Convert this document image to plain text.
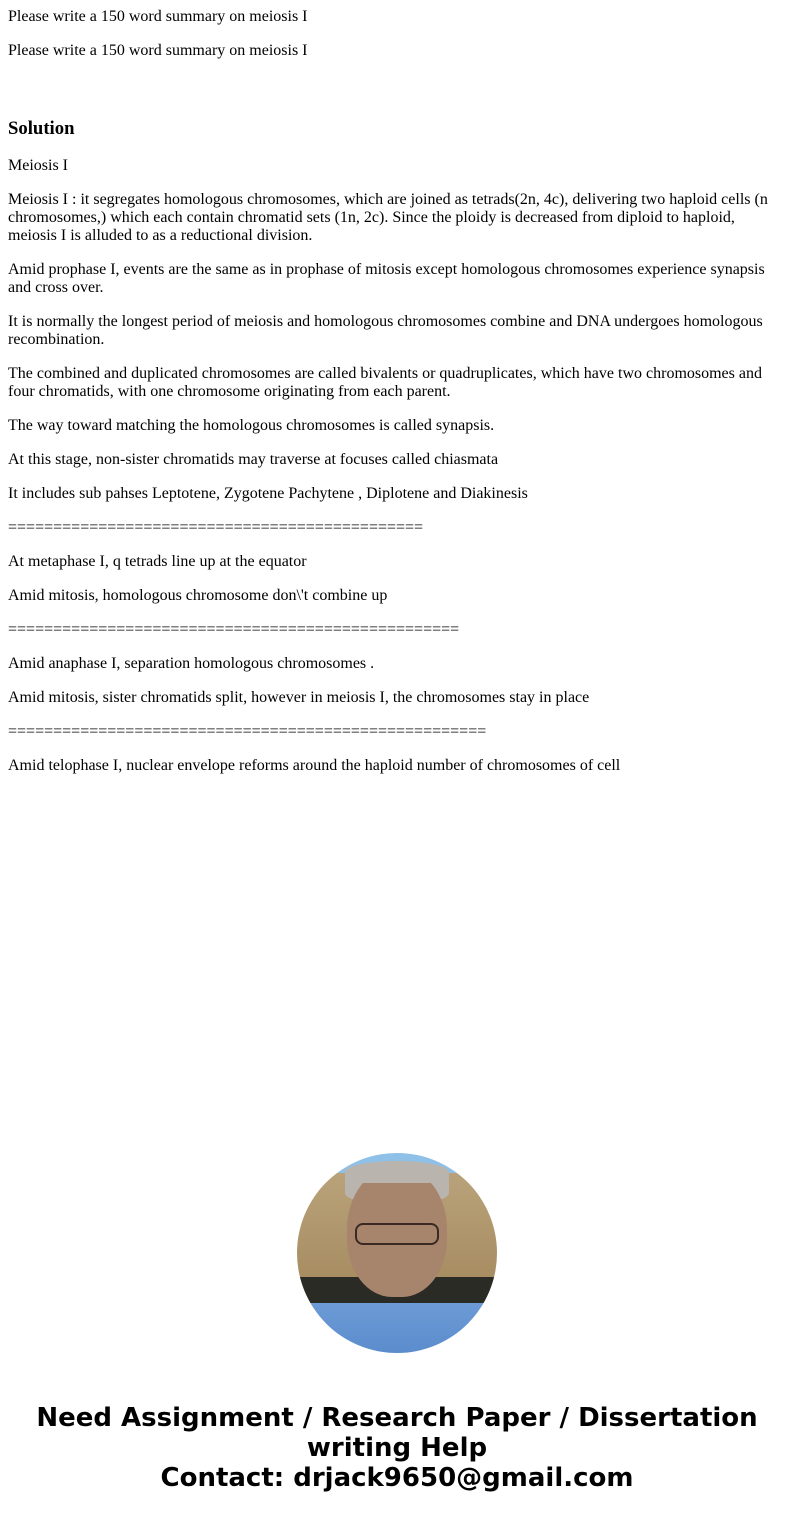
Please write a 150 word summary on meiosis I

Please write a 150 word summary on meiosis I

Solution

Meiosis I

Meiosis I : it segregates homologous chromosomes, which are joined as tetrads(2n, 4c), delivering two haploid cells (n chromosomes,) which each contain chromatid sets (1n, 2c). Since the ploidy is decreased from diploid to haploid, meiosis I is alluded to as a reductional division.

Amid prophase I, events are the same as in prophase of mitosis except homologous chromosomes experience synapsis and cross over.

It is normally the longest period of meiosis and homologous chromosomes combine and DNA undergoes homologous recombination.

The combined and duplicated chromosomes are called bivalents or quadruplicates, which have two chromosomes and four chromatids, with one chromosome originating from each parent.

The way toward matching the homologous chromosomes is called synapsis.

At this stage, non-sister chromatids may traverse at focuses called chiasmata

It includes sub pahses Leptotene, Zygotene Pachytene , Diplotene and Diakinesis

==============================================

At metaphase I, q tetrads line up at the equator

Amid mitosis, homologous chromosome don\'t combine up

==================================================

Amid anaphase I, separation homologous chromosomes .

Amid mitosis, sister chromatids split, however in meiosis I, the chromosomes stay in place

=====================================================

Amid telophase I, nuclear envelope reforms around the haploid number of chromosomes of cell

Need Assignment / Research Paper / Dissertation writing Help
Contact: drjack9650@gmail.com
